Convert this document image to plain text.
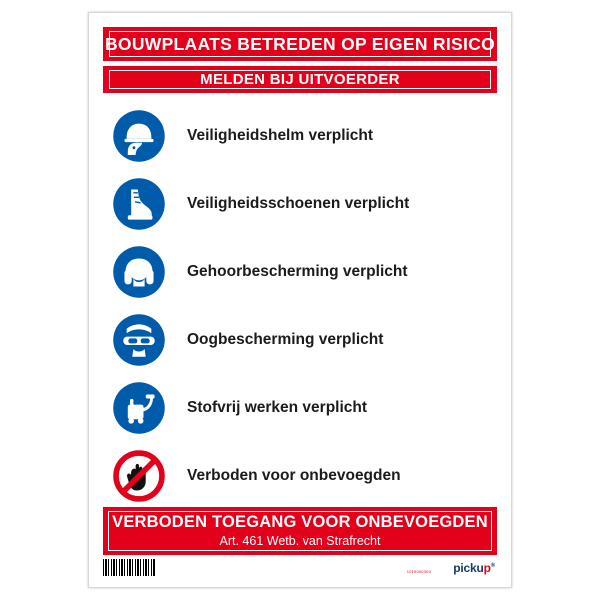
BOUWPLAATS BETREDEN OP EIGEN RISICO
MELDEN BIJ UITVOERDER
Veiligheidshelm verplicht
Veiligheidsschoenen verplicht
Gehoorbescherming verplicht
Oogbescherming verplicht
Stofvrij werken verplicht
Verboden voor onbevoegden
VERBODEN TOEGANG VOOR ONBEVOEGDEN
Art. 461 Wetb. van Strafrecht
1019000300 pickup®
